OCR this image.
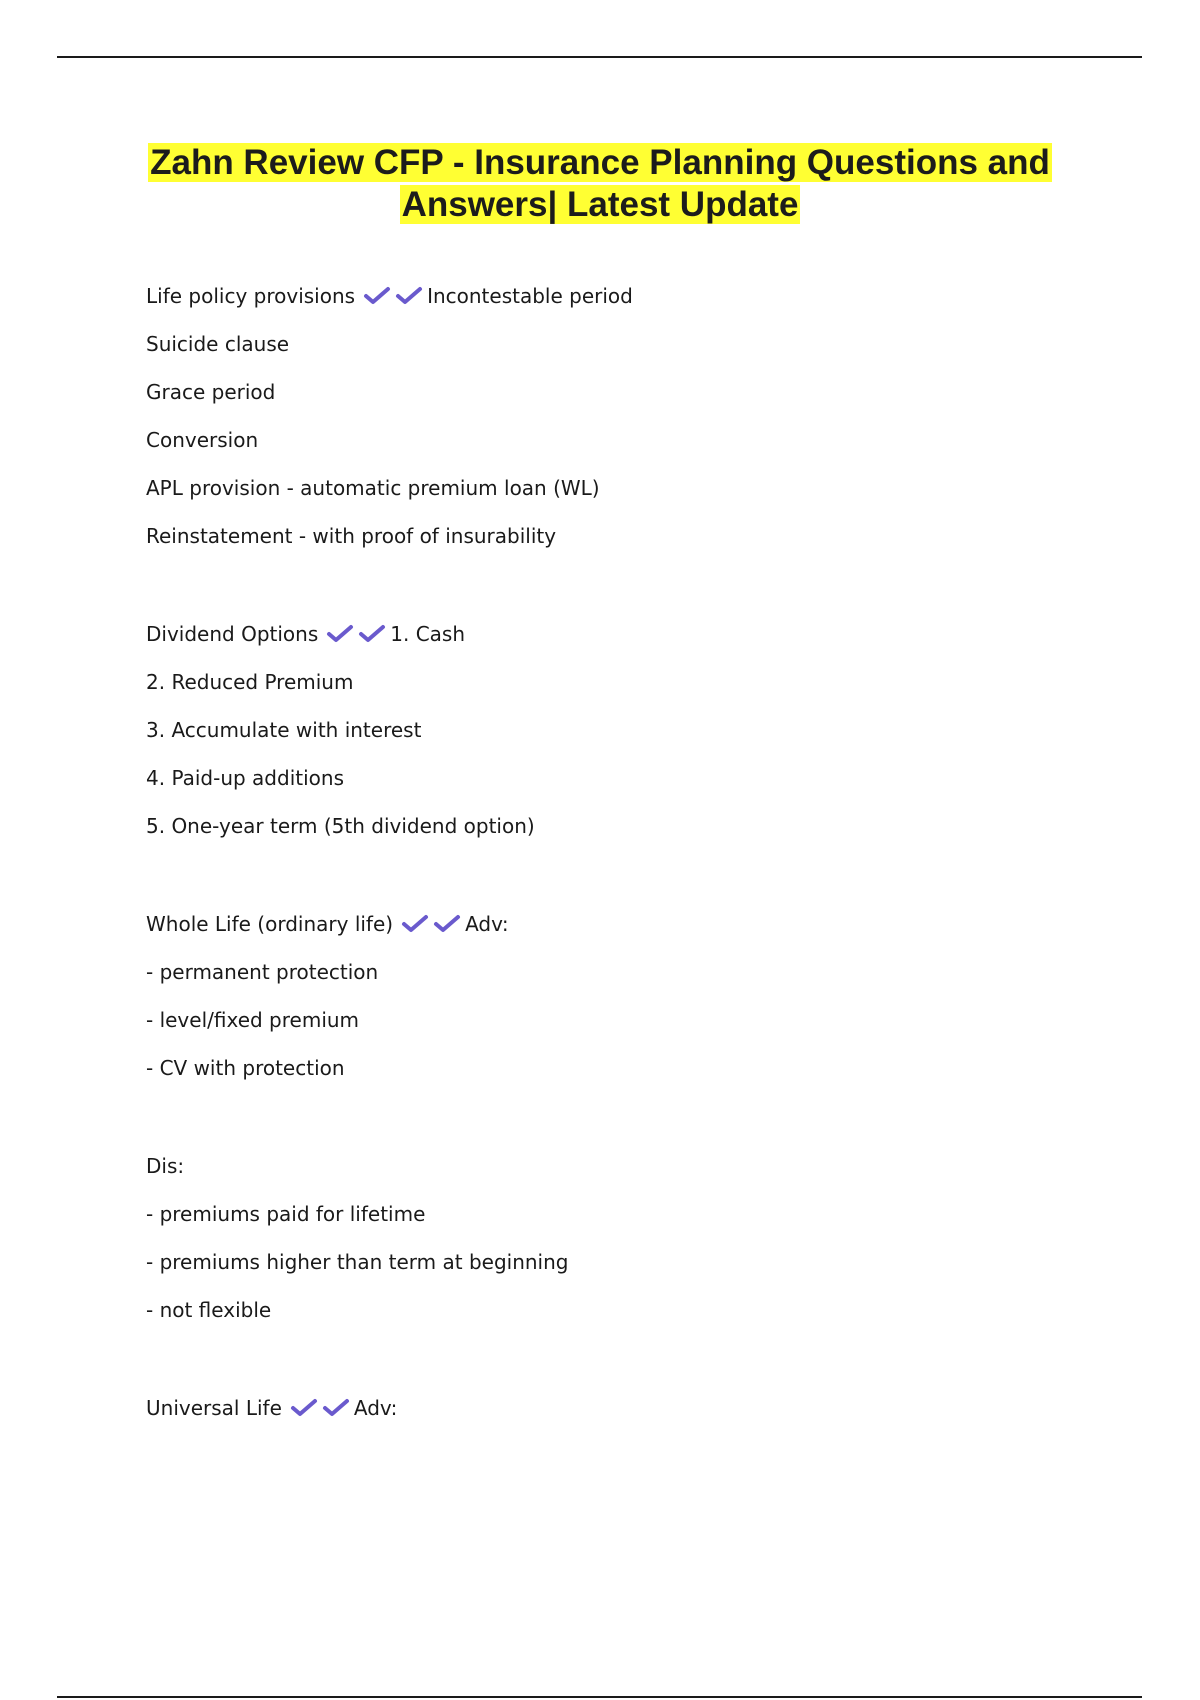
Zahn Review CFP - Insurance Planning Questions and
Answers| Latest Update
Life policy provisions	Incontestable period
Suicide clause
Grace period
Conversion
APL provision - automatic premium loan (WL)
Reinstatement - with proof of insurability
Dividend Options	1. Cash
2. Reduced Premium
3. Accumulate with interest
4. Paid-up additions
5. One-year term (5th dividend option)
Whole Life (ordinary life)	Adv:
- permanent protection
- level/fixed premium
- CV with protection
Dis:
- premiums paid for lifetime
- premiums higher than term at beginning
- not flexible
Universal Life	Adv:
